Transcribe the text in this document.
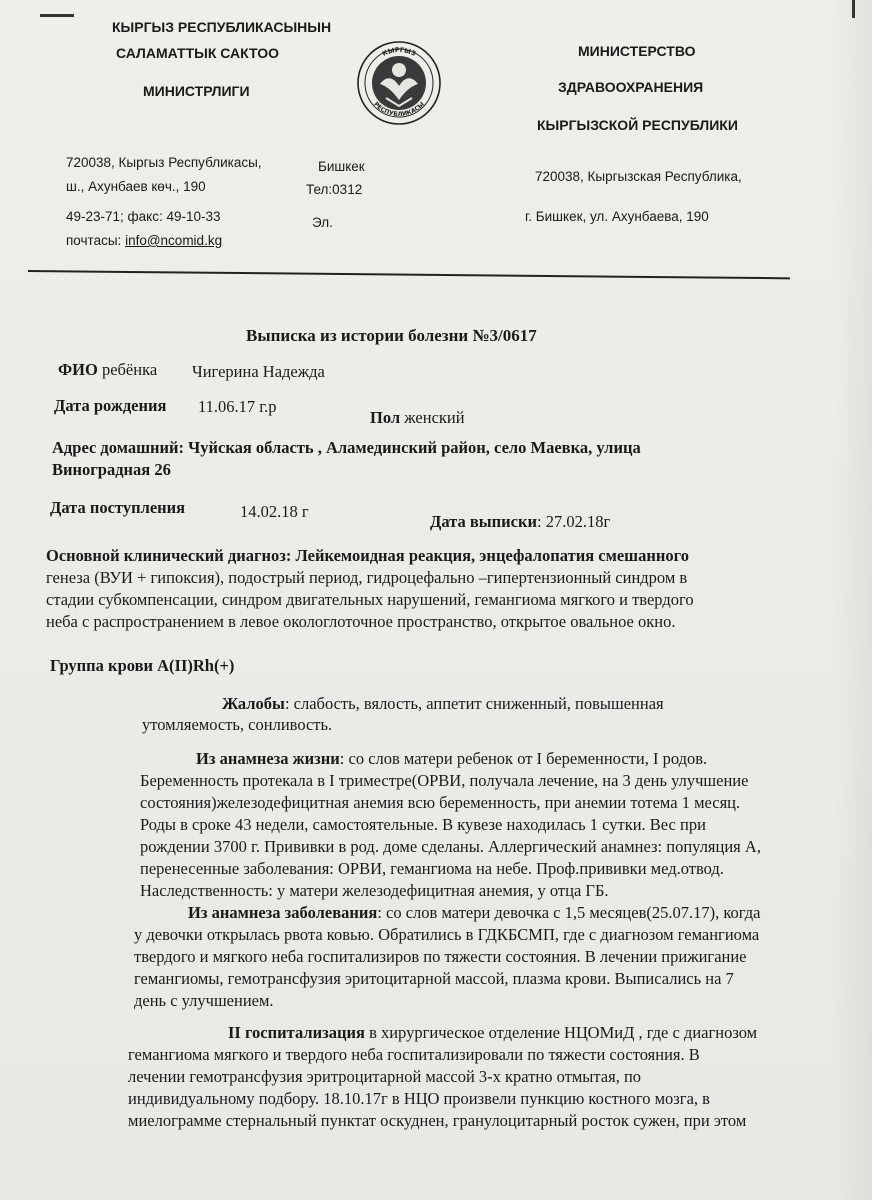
КЫРГЫЗ РЕСПУБЛИКАСЫНЫН
САЛАМАТТЫК САКТОО
МИНИСТРЛИГИ
720038, Кыргыз Республикасы,
ш., Ахунбаев көч., 190
Бишкек
Тел:0312
49-23-71; факс: 49-10-33	Эл.
почтасы: info@ncomid.kg
КЫРГЫЗ
РЕСПУБЛИКАСЫ
МИНИСТЕРСТВО
ЗДРАВООХРАНЕНИЯ
КЫРГЫЗСКОЙ РЕСПУБЛИКИ
720038, Кыргызская Республика,
г. Бишкек, ул. Ахунбаева, 190
Выписка из истории болезни №3/0617
ФИО ребёнка Чигерина Надежда
Дата рождения 11.06.17 г.р
Пол женский
Адрес домашний: Чуйская область , Аламединский район, село Маевка, улица
Виноградная 26
Дата поступления	14.02.18 г
Дата выписки: 27.02.18г
Основной клинический диагноз: Лейкемоидная реакция, энцефалопатия смешанного
генеза (ВУИ + гипоксия), подострый период, гидроцефально –гипертензионный синдром в
стадии субкомпенсации, синдром двигательных нарушений, гемангиома мягкого и твердого
неба с распространением в левое окологлоточное пространство, открытое овальное окно.
Группа крови А(II)Rh(+)
Жалобы: слабость, вялость, аппетит сниженный, повышенная
утомляемость, сонливость.
Из анамнеза жизни: со слов матери ребенок от I беременности, I родов.
Беременность протекала в I триместре(ОРВИ, получала лечение, на 3 день улучшение
состояния)железодефицитная анемия всю беременность, при анемии тотема 1 месяц.
Роды в сроке 43 недели, самостоятельные. В кувезе находилась 1 сутки. Вес при
рождении 3700 г. Прививки в род. доме сделаны. Аллергический анамнез: популяция А,
перенесенные заболевания: ОРВИ, гемангиома на небе. Проф.прививки мед.отвод.
Наследственность: у матери железодефицитная анемия, у отца ГБ.
Из анамнеза заболевания: со слов матери девочка с 1,5 месяцев(25.07.17), когда
у девочки открылась рвота ковью. Обратились в ГДКБСМП, где с диагнозом гемангиома
твердого и мягкого неба госпитализиров по тяжести состояния. В лечении прижигание
гемангиомы, гемотрансфузия эритоцитарной массой, плазма крови. Выписались на 7
день с улучшением.
II госпитализация в хирургическое отделение НЦОМиД , где с диагнозом
гемангиома мягкого и твердого неба госпитализировали по тяжести состояния. В
лечении гемотрансфузия эритроцитарной массой 3-х кратно отмытая, по
индивидуальному подбору. 18.10.17г в НЦО произвели пункцию костного мозга, в
миелограмме стернальный пунктат оскуднен, гранулоцитарный росток сужен, при этом
